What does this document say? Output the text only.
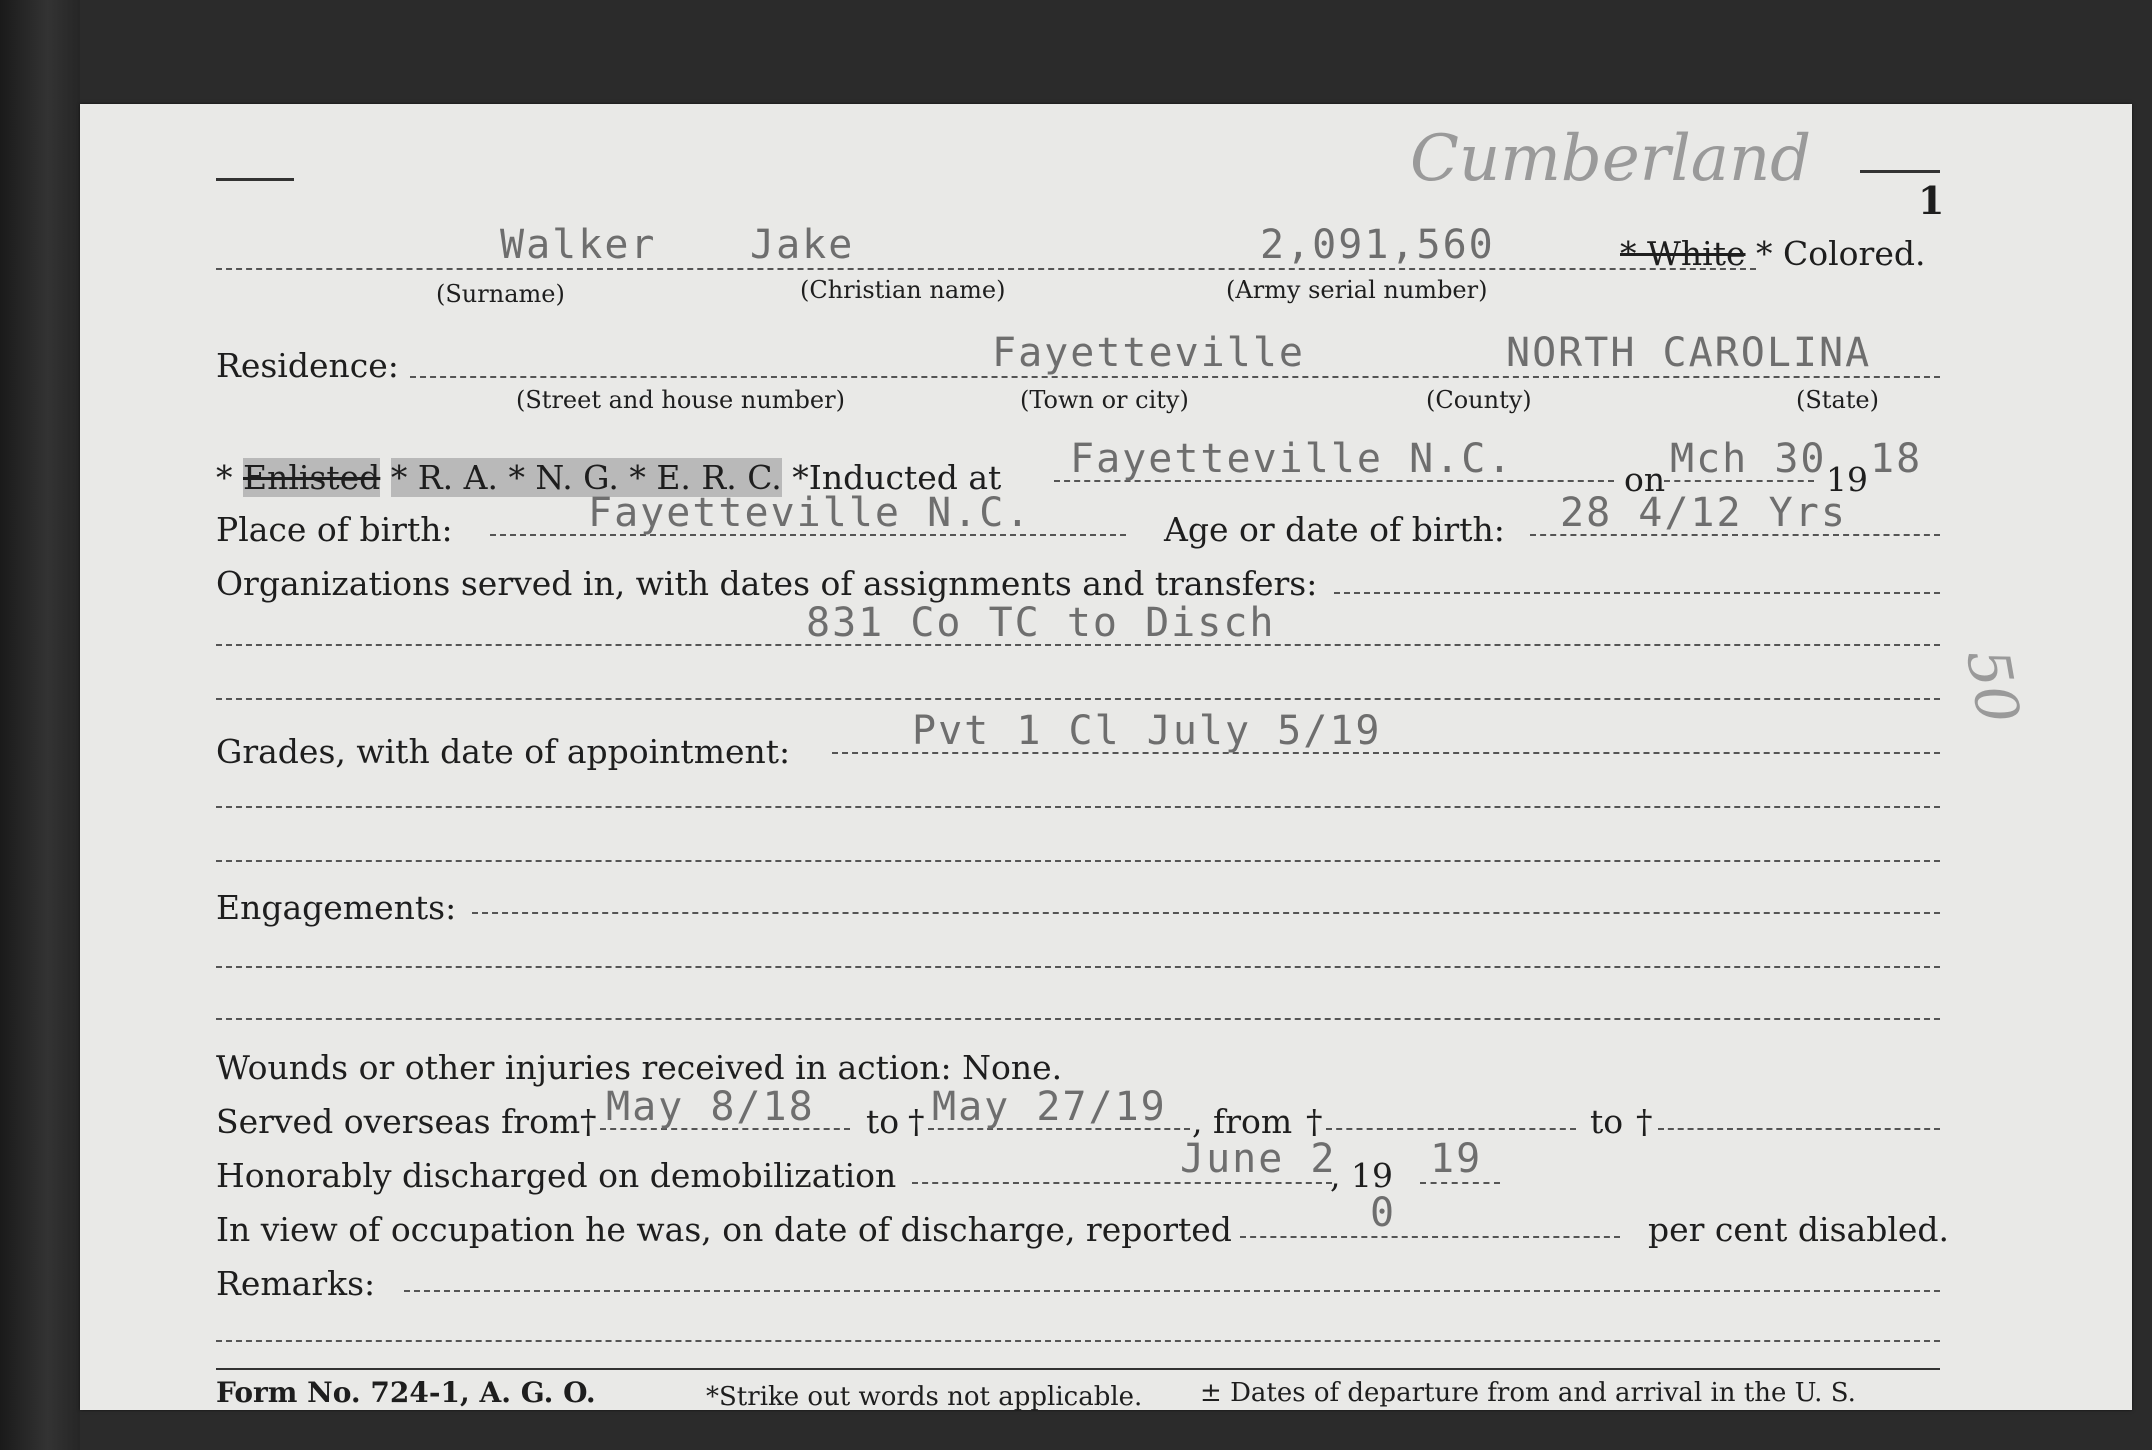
Cumberland
1
Walker Jake	2,091,560	* White * Colored.
(Surname)	(Christian name)	(Army serial number)
Residence:	Fayetteville	NORTH CAROLINA
(Street and house number)	(Town or city)	(County)	(State)
* Enlisted * R. A. * N. G. * E. R. C. *Inducted at Fayetteville N.C.	on Mch 30 19 18
Place of birth:	Fayetteville N.C.	Age or date of birth: 28 4/12 Yrs
Organizations served in, with dates of assignments and transfers:
831 Co TC to Disch
50
Grades, with date of appointment:	Pvt 1 Cl July 5/19
Engagements:
Wounds or other injuries received in action: None.
Served overseas from † May 8/18 to † May 27/19 , from †	to †
Honorably discharged on demobilization	June 2
, 19 19
In view of occupation he was, on date of discharge, reported	0	per cent disabled.
Remarks:
Form No. 724-1, A. G. O.	*Strike out words not applicable. ± Dates of departure from and arrival in the U. S.
